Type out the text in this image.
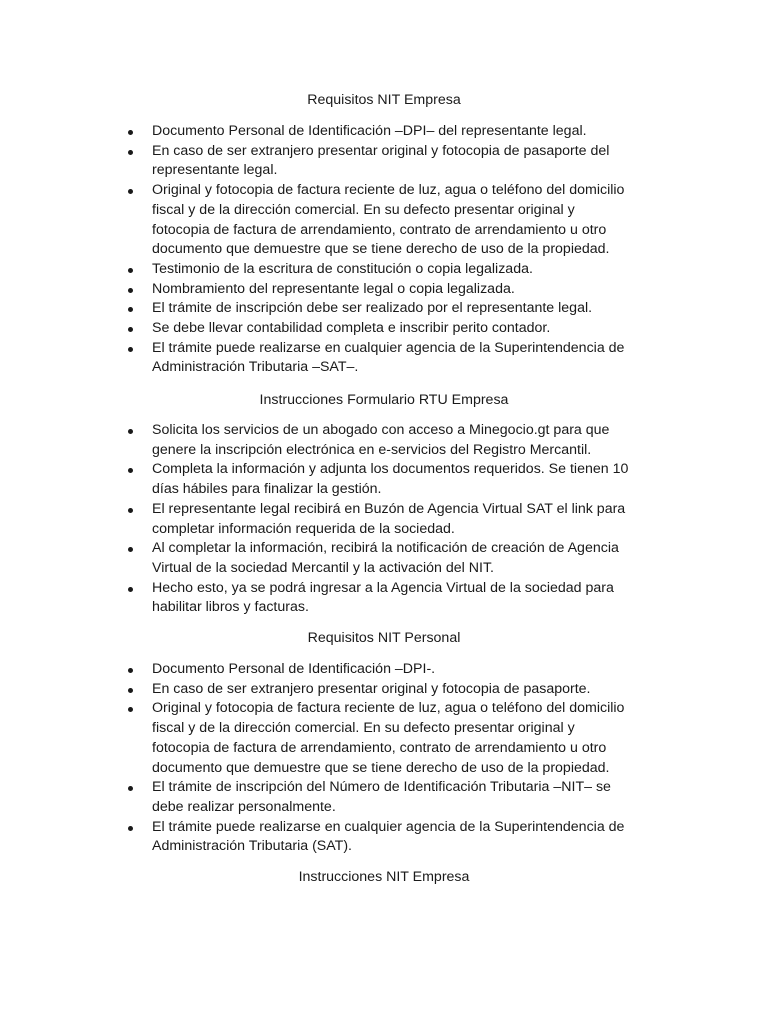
Requisitos NIT Empresa
Documento Personal de Identificación –DPI– del representante legal.
En caso de ser extranjero presentar original y fotocopia de pasaporte del
representante legal.
Original y fotocopia de factura reciente de luz, agua o teléfono del domicilio
fiscal y de la dirección comercial. En su defecto presentar original y
fotocopia de factura de arrendamiento, contrato de arrendamiento u otro
documento que demuestre que se tiene derecho de uso de la propiedad.
Testimonio de la escritura de constitución o copia legalizada.
Nombramiento del representante legal o copia legalizada.
El trámite de inscripción debe ser realizado por el representante legal.
Se debe llevar contabilidad completa e inscribir perito contador.
El trámite puede realizarse en cualquier agencia de la Superintendencia de
Administración Tributaria –SAT–.
Instrucciones Formulario RTU Empresa
Solicita los servicios de un abogado con acceso a Minegocio.gt para que
genere la inscripción electrónica en e-servicios del Registro Mercantil.
Completa la información y adjunta los documentos requeridos. Se tienen 10
días hábiles para finalizar la gestión.
El representante legal recibirá en Buzón de Agencia Virtual SAT el link para
completar información requerida de la sociedad.
Al completar la información, recibirá la notificación de creación de Agencia
Virtual de la sociedad Mercantil y la activación del NIT.
Hecho esto, ya se podrá ingresar a la Agencia Virtual de la sociedad para
habilitar libros y facturas.
Requisitos NIT Personal
Documento Personal de Identificación –DPI-.
En caso de ser extranjero presentar original y fotocopia de pasaporte.
Original y fotocopia de factura reciente de luz, agua o teléfono del domicilio
fiscal y de la dirección comercial. En su defecto presentar original y
fotocopia de factura de arrendamiento, contrato de arrendamiento u otro
documento que demuestre que se tiene derecho de uso de la propiedad.
El trámite de inscripción del Número de Identificación Tributaria –NIT– se
debe realizar personalmente.
El trámite puede realizarse en cualquier agencia de la Superintendencia de
Administración Tributaria (SAT).
Instrucciones NIT Empresa
